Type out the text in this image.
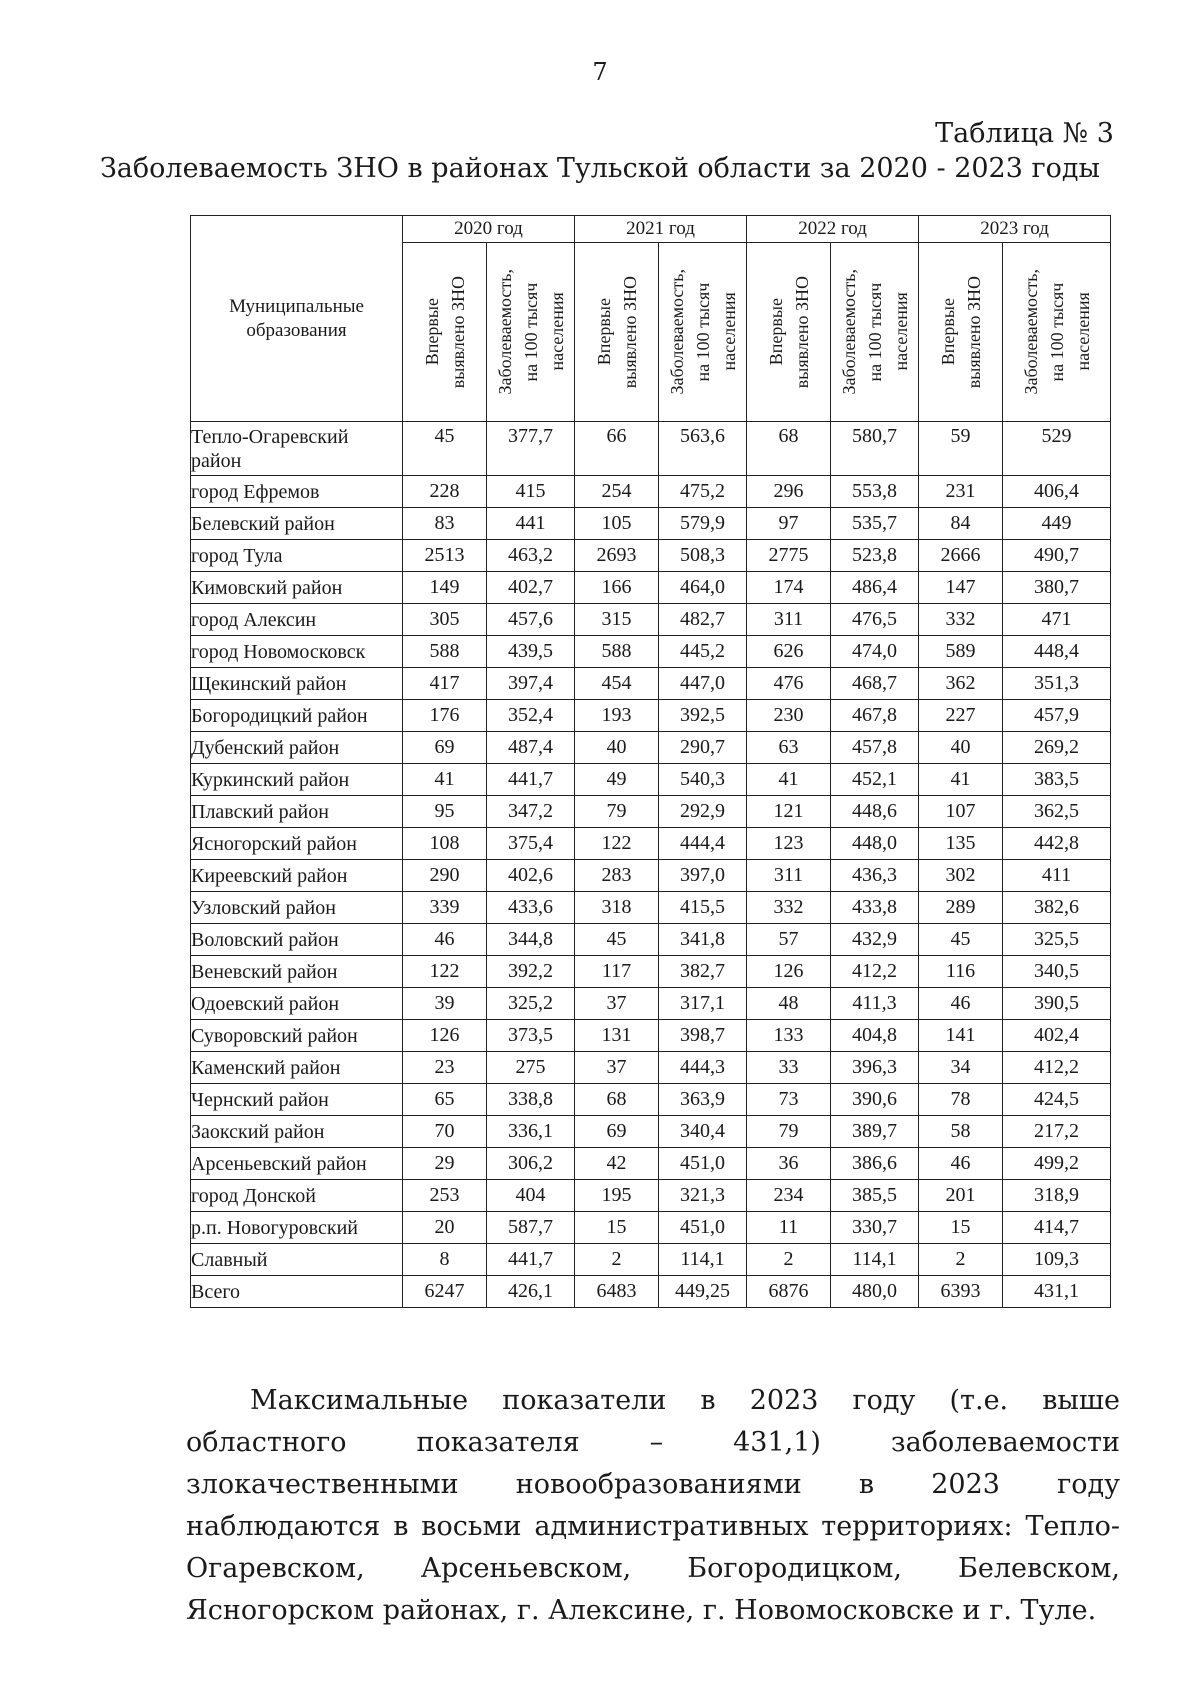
7
Таблица № 3
Заболеваемость ЗНО в районах Тульской области за 2020 - 2023 годы
Муниципальные образования	2020 год		2021 год		2022 год		2023 год	

	Впервые
выявлено ЗНО	Заболеваемость,
на 100 тысяч
населения	Впервые
выявлено ЗНО	Заболеваемость,
на 100 тысяч
населения	Впервые
выявлено ЗНО	Заболеваемость,
на 100 тысяч
населения	Впервые
выявлено ЗНО	Заболеваемость,
на 100 тысяч
населения

Тепло-Огаревский район	45	377,7	66	563,6	68	580,7	59	529
город Ефремов	228	415	254	475,2	296	553,8	231	406,4
Белевский район	83	441	105	579,9	97	535,7	84	449
город Тула	2513	463,2	2693	508,3	2775	523,8	2666	490,7
Кимовский район	149	402,7	166	464,0	174	486,4	147	380,7
город Алексин	305	457,6	315	482,7	311	476,5	332	471
город Новомосковск	588	439,5	588	445,2	626	474,0	589	448,4
Щекинский район	417	397,4	454	447,0	476	468,7	362	351,3
Богородицкий район	176	352,4	193	392,5	230	467,8	227	457,9
Дубенский район	69	487,4	40	290,7	63	457,8	40	269,2
Куркинский район	41	441,7	49	540,3	41	452,1	41	383,5
Плавский район	95	347,2	79	292,9	121	448,6	107	362,5
Ясногорский район	108	375,4	122	444,4	123	448,0	135	442,8
Киреевский район	290	402,6	283	397,0	311	436,3	302	411
Узловский район	339	433,6	318	415,5	332	433,8	289	382,6
Воловский район	46	344,8	45	341,8	57	432,9	45	325,5
Веневский район	122	392,2	117	382,7	126	412,2	116	340,5
Одоевский район	39	325,2	37	317,1	48	411,3	46	390,5
Суворовский район	126	373,5	131	398,7	133	404,8	141	402,4
Каменский район	23	275	37	444,3	33	396,3	34	412,2
Чернский район	65	338,8	68	363,9	73	390,6	78	424,5
Заокский район	70	336,1	69	340,4	79	389,7	58	217,2
Арсеньевский район	29	306,2	42	451,0	36	386,6	46	499,2
город Донской	253	404	195	321,3	234	385,5	201	318,9
р.п. Новогуровский	20	587,7	15	451,0	11	330,7	15	414,7
Славный	8	441,7	2	114,1	2	114,1	2	109,3
Всего	6247	426,1	6483	449,25	6876	480,0	6393	431,1
Максимальные показатели в 2023 году (т.е. выше областного показателя – 431,1) заболеваемости злокачественными новообразованиями в 2023 году наблюдаются в восьми административных территориях: Тепло-Огаревском, Арсеньевском, Богородицком, Белевском, Ясногорском районах, г. Алексине, г. Новомосковске и г. Туле.
